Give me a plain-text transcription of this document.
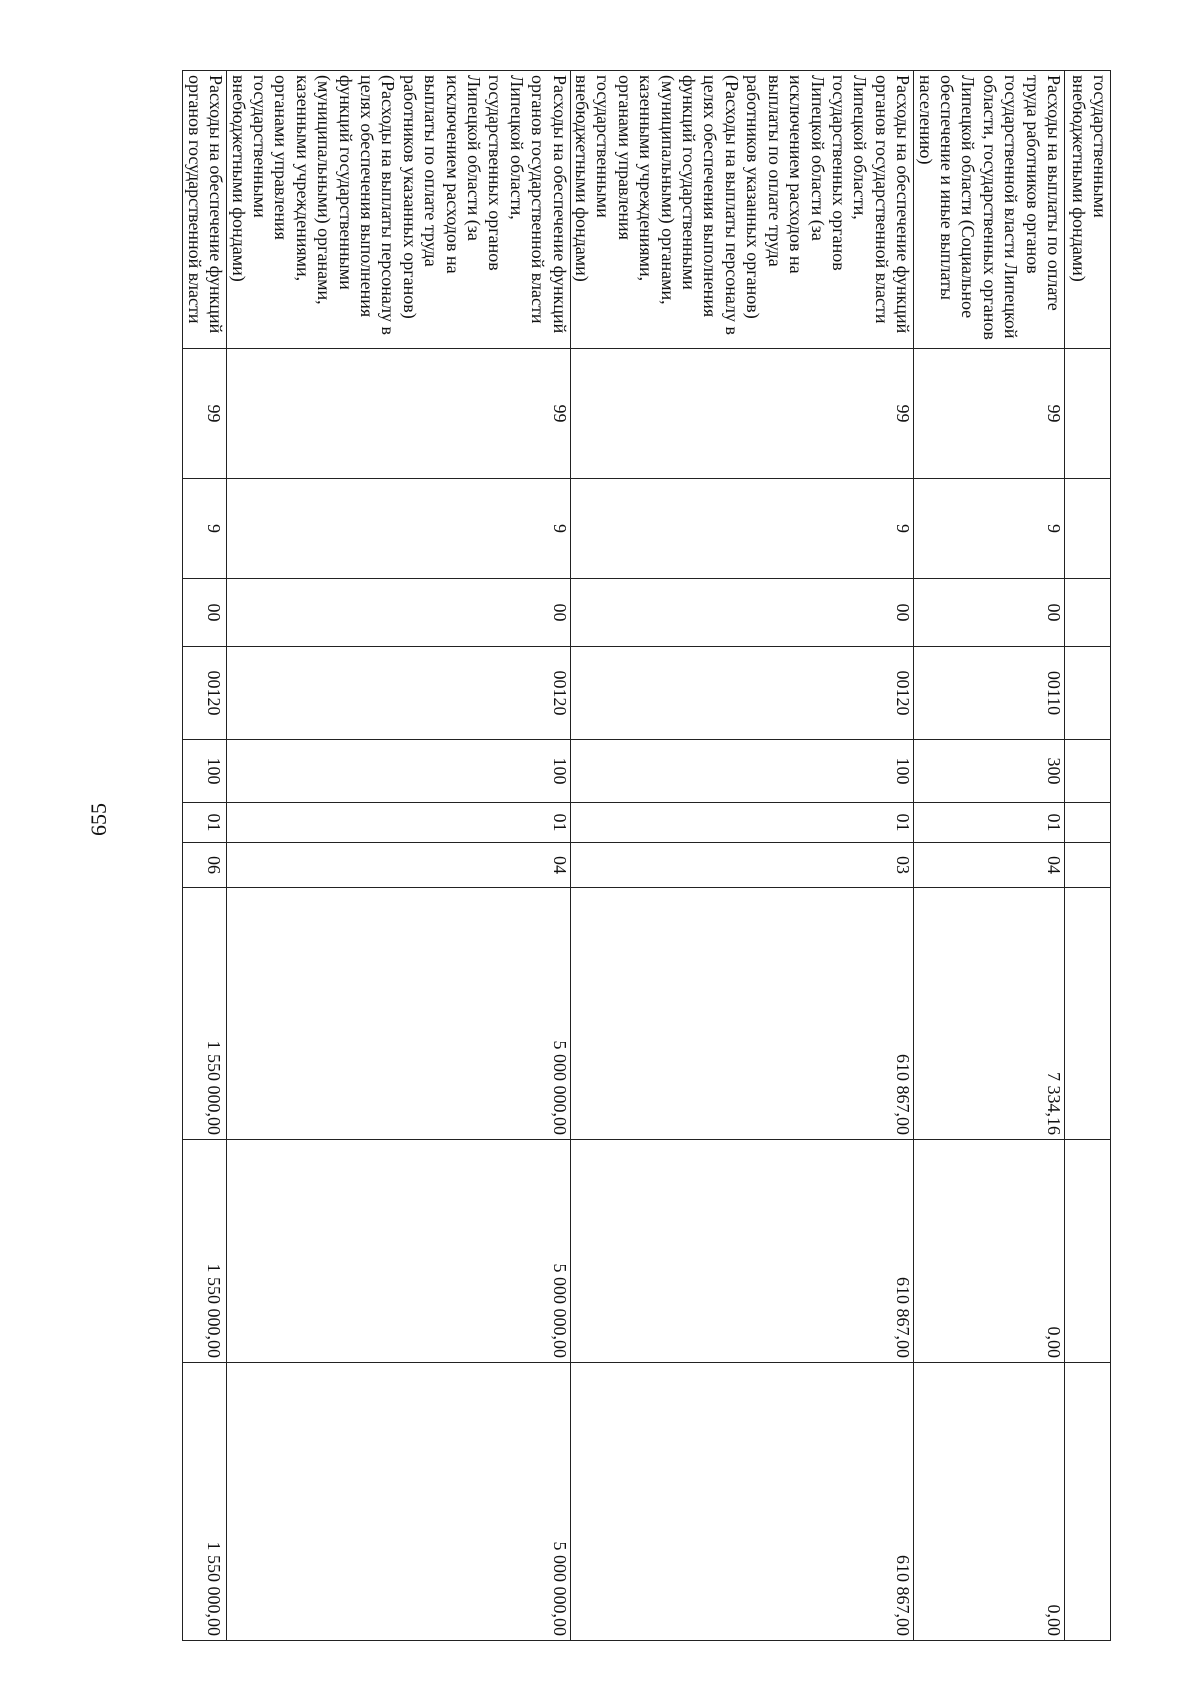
655
государственными внебюджетными фондами)										
Расходы на выплаты по оплате труда работников органов государственной власти Липецкой области, государственных органов Липецкой области (Социальное обеспечение и иные выплаты населению)	99	9	00	00110	300	01	04	7 334,16	0,00	0,00
Расходы на обеспечение функций органов государственной власти Липецкой области, государственных органов Липецкой области (за исключением расходов на выплаты по оплате труда работников указанных органов) (Расходы на выплаты персоналу в целях обеспечения выполнения функций государственными (муниципальными) органами, казенными учреждениями, органами управления государственными внебюджетными фондами)	99	9	00	00120	100	01	03	610 867,00	610 867,00	610 867,00
Расходы на обеспечение функций органов государственной власти Липецкой области, государственных органов Липецкой области (за исключением расходов на выплаты по оплате труда работников указанных органов) (Расходы на выплаты персоналу в целях обеспечения выполнения функций государственными (муниципальными) органами, казенными учреждениями, органами управления государственными внебюджетными фондами)	99	9	00	00120	100	01	04	5 000 000,00	5 000 000,00	5 000 000,00
Расходы на обеспечение функций органов государственной власти	99	9	00	00120	100	01	06	1 550 000,00	1 550 000,00	1 550 000,00
